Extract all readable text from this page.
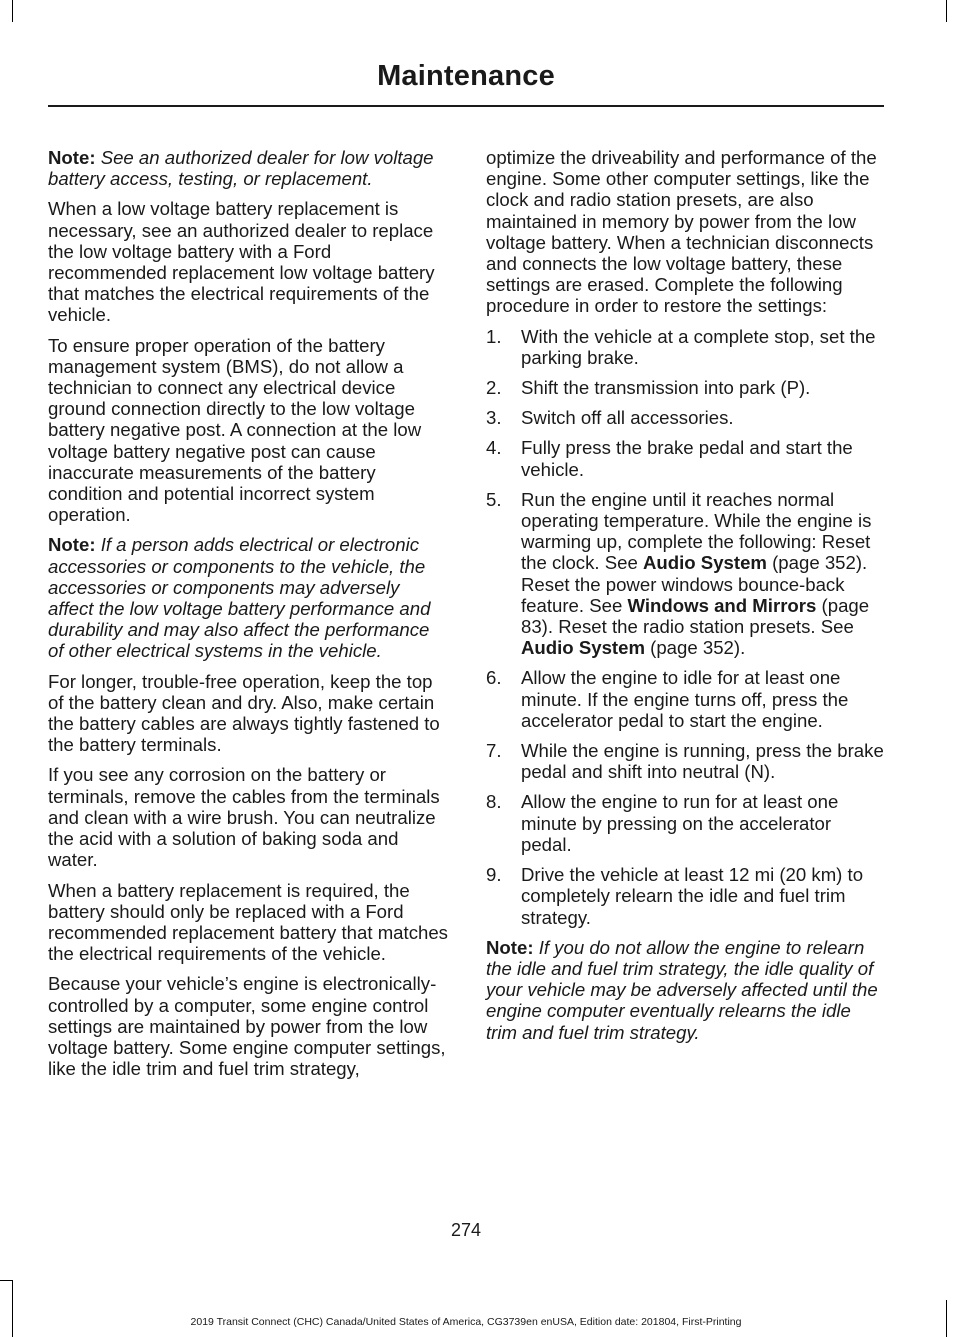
Maintenance

Note: See an authorized dealer for low voltage battery access, testing, or replacement.

When a low voltage battery replacement is necessary, see an authorized dealer to replace the low voltage battery with a Ford recommended replacement low voltage battery that matches the electrical requirements of the vehicle.

To ensure proper operation of the battery management system (BMS), do not allow a technician to connect any electrical device ground connection directly to the low voltage battery negative post. A connection at the low voltage battery negative post can cause inaccurate measurements of the battery condition and potential incorrect system operation.

Note: If a person adds electrical or electronic accessories or components to the vehicle, the accessories or components may adversely affect the low voltage battery performance and durability and may also affect the performance of other electrical systems in the vehicle.

For longer, trouble-free operation, keep the top of the battery clean and dry. Also, make certain the battery cables are always tightly fastened to the battery terminals.

If you see any corrosion on the battery or terminals, remove the cables from the terminals and clean with a wire brush. You can neutralize the acid with a solution of baking soda and water.

When a battery replacement is required, the battery should only be replaced with a Ford recommended replacement battery that matches the electrical requirements of the vehicle.

Because your vehicle’s engine is electronically-controlled by a computer, some engine control settings are maintained by power from the low voltage battery. Some engine computer settings, like the idle trim and fuel trim strategy,

optimize the driveability and performance of the engine. Some other computer settings, like the clock and radio station presets, are also maintained in memory by power from the low voltage battery. When a technician disconnects and connects the low voltage battery, these settings are erased. Complete the following procedure in order to restore the settings:

1. With the vehicle at a complete stop, set the parking brake.
2. Shift the transmission into park (P).
3. Switch off all accessories.
4. Fully press the brake pedal and start the vehicle.
5. Run the engine until it reaches normal operating temperature. While the engine is warming up, complete the following: Reset the clock. See Audio System (page 352). Reset the power windows bounce-back feature. See Windows and Mirrors (page 83). Reset the radio station presets. See Audio System (page 352).
6. Allow the engine to idle for at least one minute. If the engine turns off, press the accelerator pedal to start the engine.
7. While the engine is running, press the brake pedal and shift into neutral (N).
8. Allow the engine to run for at least one minute by pressing on the accelerator pedal.
9. Drive the vehicle at least 12 mi (20 km) to completely relearn the idle and fuel trim strategy.

Note: If you do not allow the engine to relearn the idle and fuel trim strategy, the idle quality of your vehicle may be adversely affected until the engine computer eventually relearns the idle trim and fuel trim strategy.

274
2019 Transit Connect (CHC) Canada/United States of America, CG3739en enUSA, Edition date: 201804, First-Printing
